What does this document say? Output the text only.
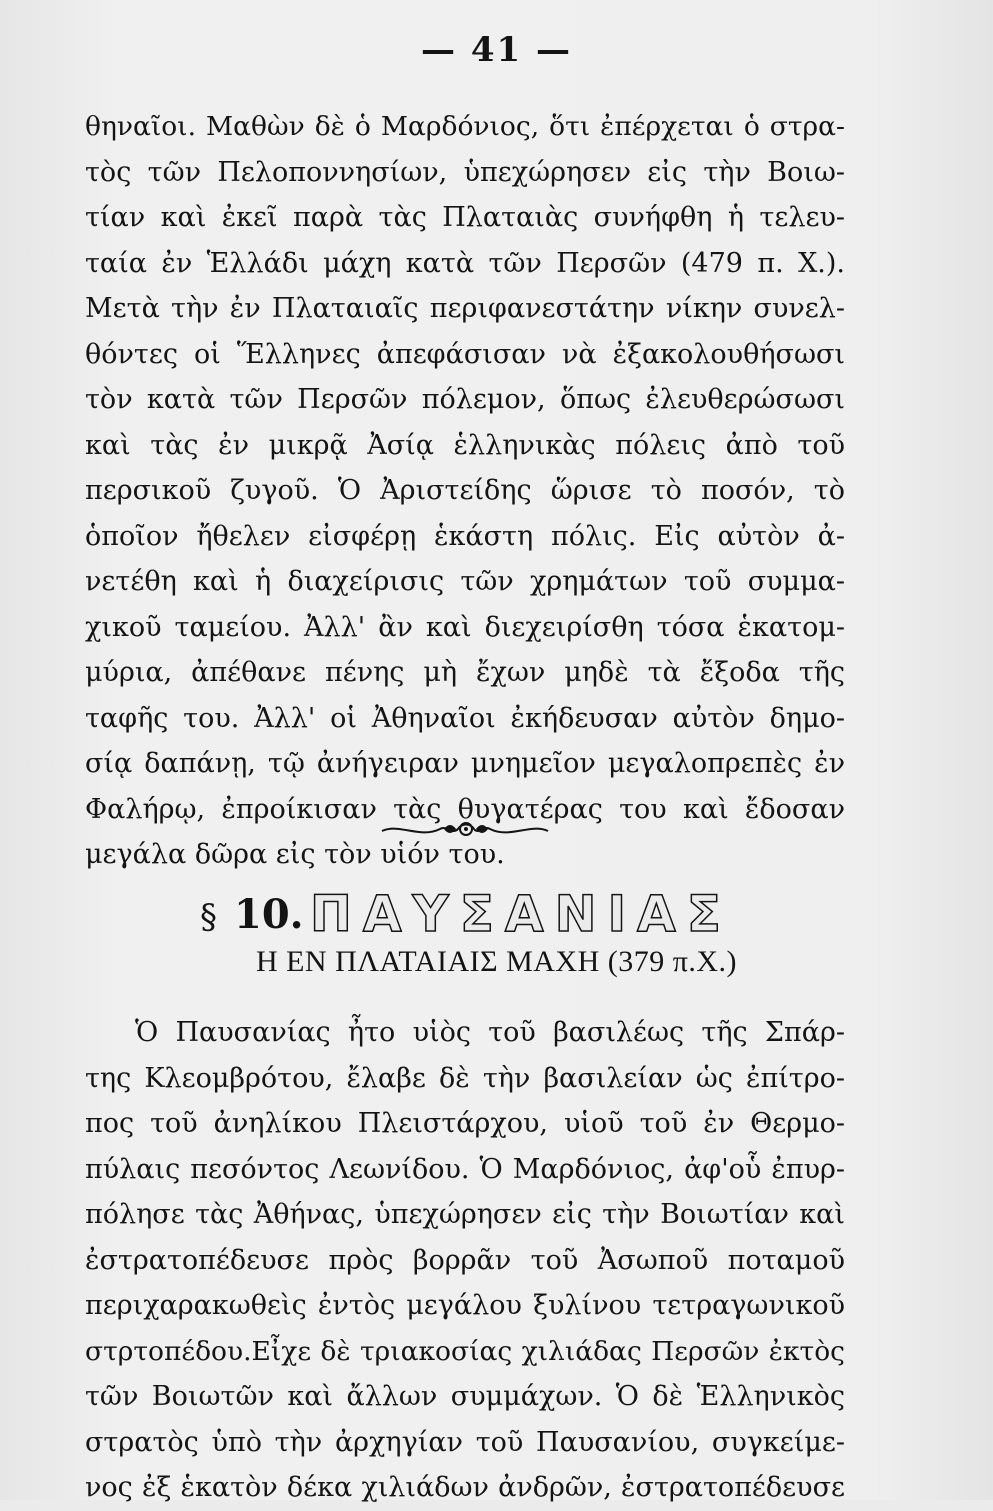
— 41 —
θηναῖοι. Μαθὼν δὲ ὁ Μαρδόνιος, ὅτι ἐπέρχεται ὁ στρα-
τὸς τῶν Πελοποννησίων, ὑπεχώρησεν εἰς τὴν Βοιω-
τίαν καὶ ἐκεῖ παρὰ τὰς Πλαταιὰς συνήφθη ἡ τελευ-
ταία ἐν Ἑλλάδι μάχη κατὰ τῶν Περσῶν (479 π. Χ.).
Μετὰ τὴν ἐν Πλαταιαῖς περιφανεστάτην νίκην συνελ-
θόντες οἱ Ἕλληνες ἀπεφάσισαν νὰ ἐξακολουθήσωσι
τὸν κατὰ τῶν Περσῶν πόλεμον, ὅπως ἐλευθερώσωσι
καὶ τὰς ἐν μικρᾷ Ἀσίᾳ ἑλληνικὰς πόλεις ἀπὸ τοῦ
περσικοῦ ζυγοῦ. Ὁ Ἀριστείδης ὥρισε τὸ ποσόν, τὸ
ὁποῖον ἤθελεν εἰσφέρῃ ἑκάστη πόλις. Εἰς αὐτὸν ἀ-
νετέθη καὶ ἡ διαχείρισις τῶν χρημάτων τοῦ συμμα-
χικοῦ ταμείου. Ἀλλ' ἂν καὶ διεχειρίσθη τόσα ἑκατομ-
μύρια, ἀπέθανε πένης μὴ ἔχων μηδὲ τὰ ἔξοδα τῆς
ταφῆς του. Ἀλλ' οἱ Ἀθηναῖοι ἐκήδευσαν αὐτὸν δημο-
σίᾳ δαπάνῃ, τῷ ἀνήγειραν μνημεῖον μεγαλοπρεπὲς ἐν
Φαλήρῳ, ἐπροίκισαν τὰς θυγατέρας του καὶ ἔδοσαν
μεγάλα δῶρα εἰς τὸν υἱόν του.
§ 10. ΠΑΥΣΑΝΙΑΣ
Η ΕΝ ΠΛΑΤΑΙΑΙΣ ΜΑΧΗ (379 π.Χ.)
Ὁ Παυσανίας ἦτο υἱὸς τοῦ βασιλέως τῆς Σπάρ-
της Κλεομβρότου, ἔλαβε δὲ τὴν βασιλείαν ὡς ἐπίτρο-
πος τοῦ ἀνηλίκου Πλειστάρχου, υἱοῦ τοῦ ἐν Θερμο-
πύλαις πεσόντος Λεωνίδου. Ὁ Μαρδόνιος, ἀφ'οὗ ἐπυρ-
πόλησε τὰς Ἀθήνας, ὑπεχώρησεν εἰς τὴν Βοιωτίαν καὶ
ἐστρατοπέδευσε πρὸς βορρᾶν τοῦ Ἀσωποῦ ποταμοῦ
περιχαρακωθεὶς ἐντὸς μεγάλου ξυλίνου τετραγωνικοῦ
στρτοπέδου.Εἶχε δὲ τριακοσίας χιλιάδας Περσῶν ἐκτὸς
τῶν Βοιωτῶν καὶ ἄλλων συμμάχων. Ὁ δὲ Ἑλληνικὸς
στρατὸς ὑπὸ τὴν ἀρχηγίαν τοῦ Παυσανίου, συγκείμε-
νος ἐξ ἑκατὸν δέκα χιλιάδων ἀνδρῶν, ἐστρατοπέδευσε
